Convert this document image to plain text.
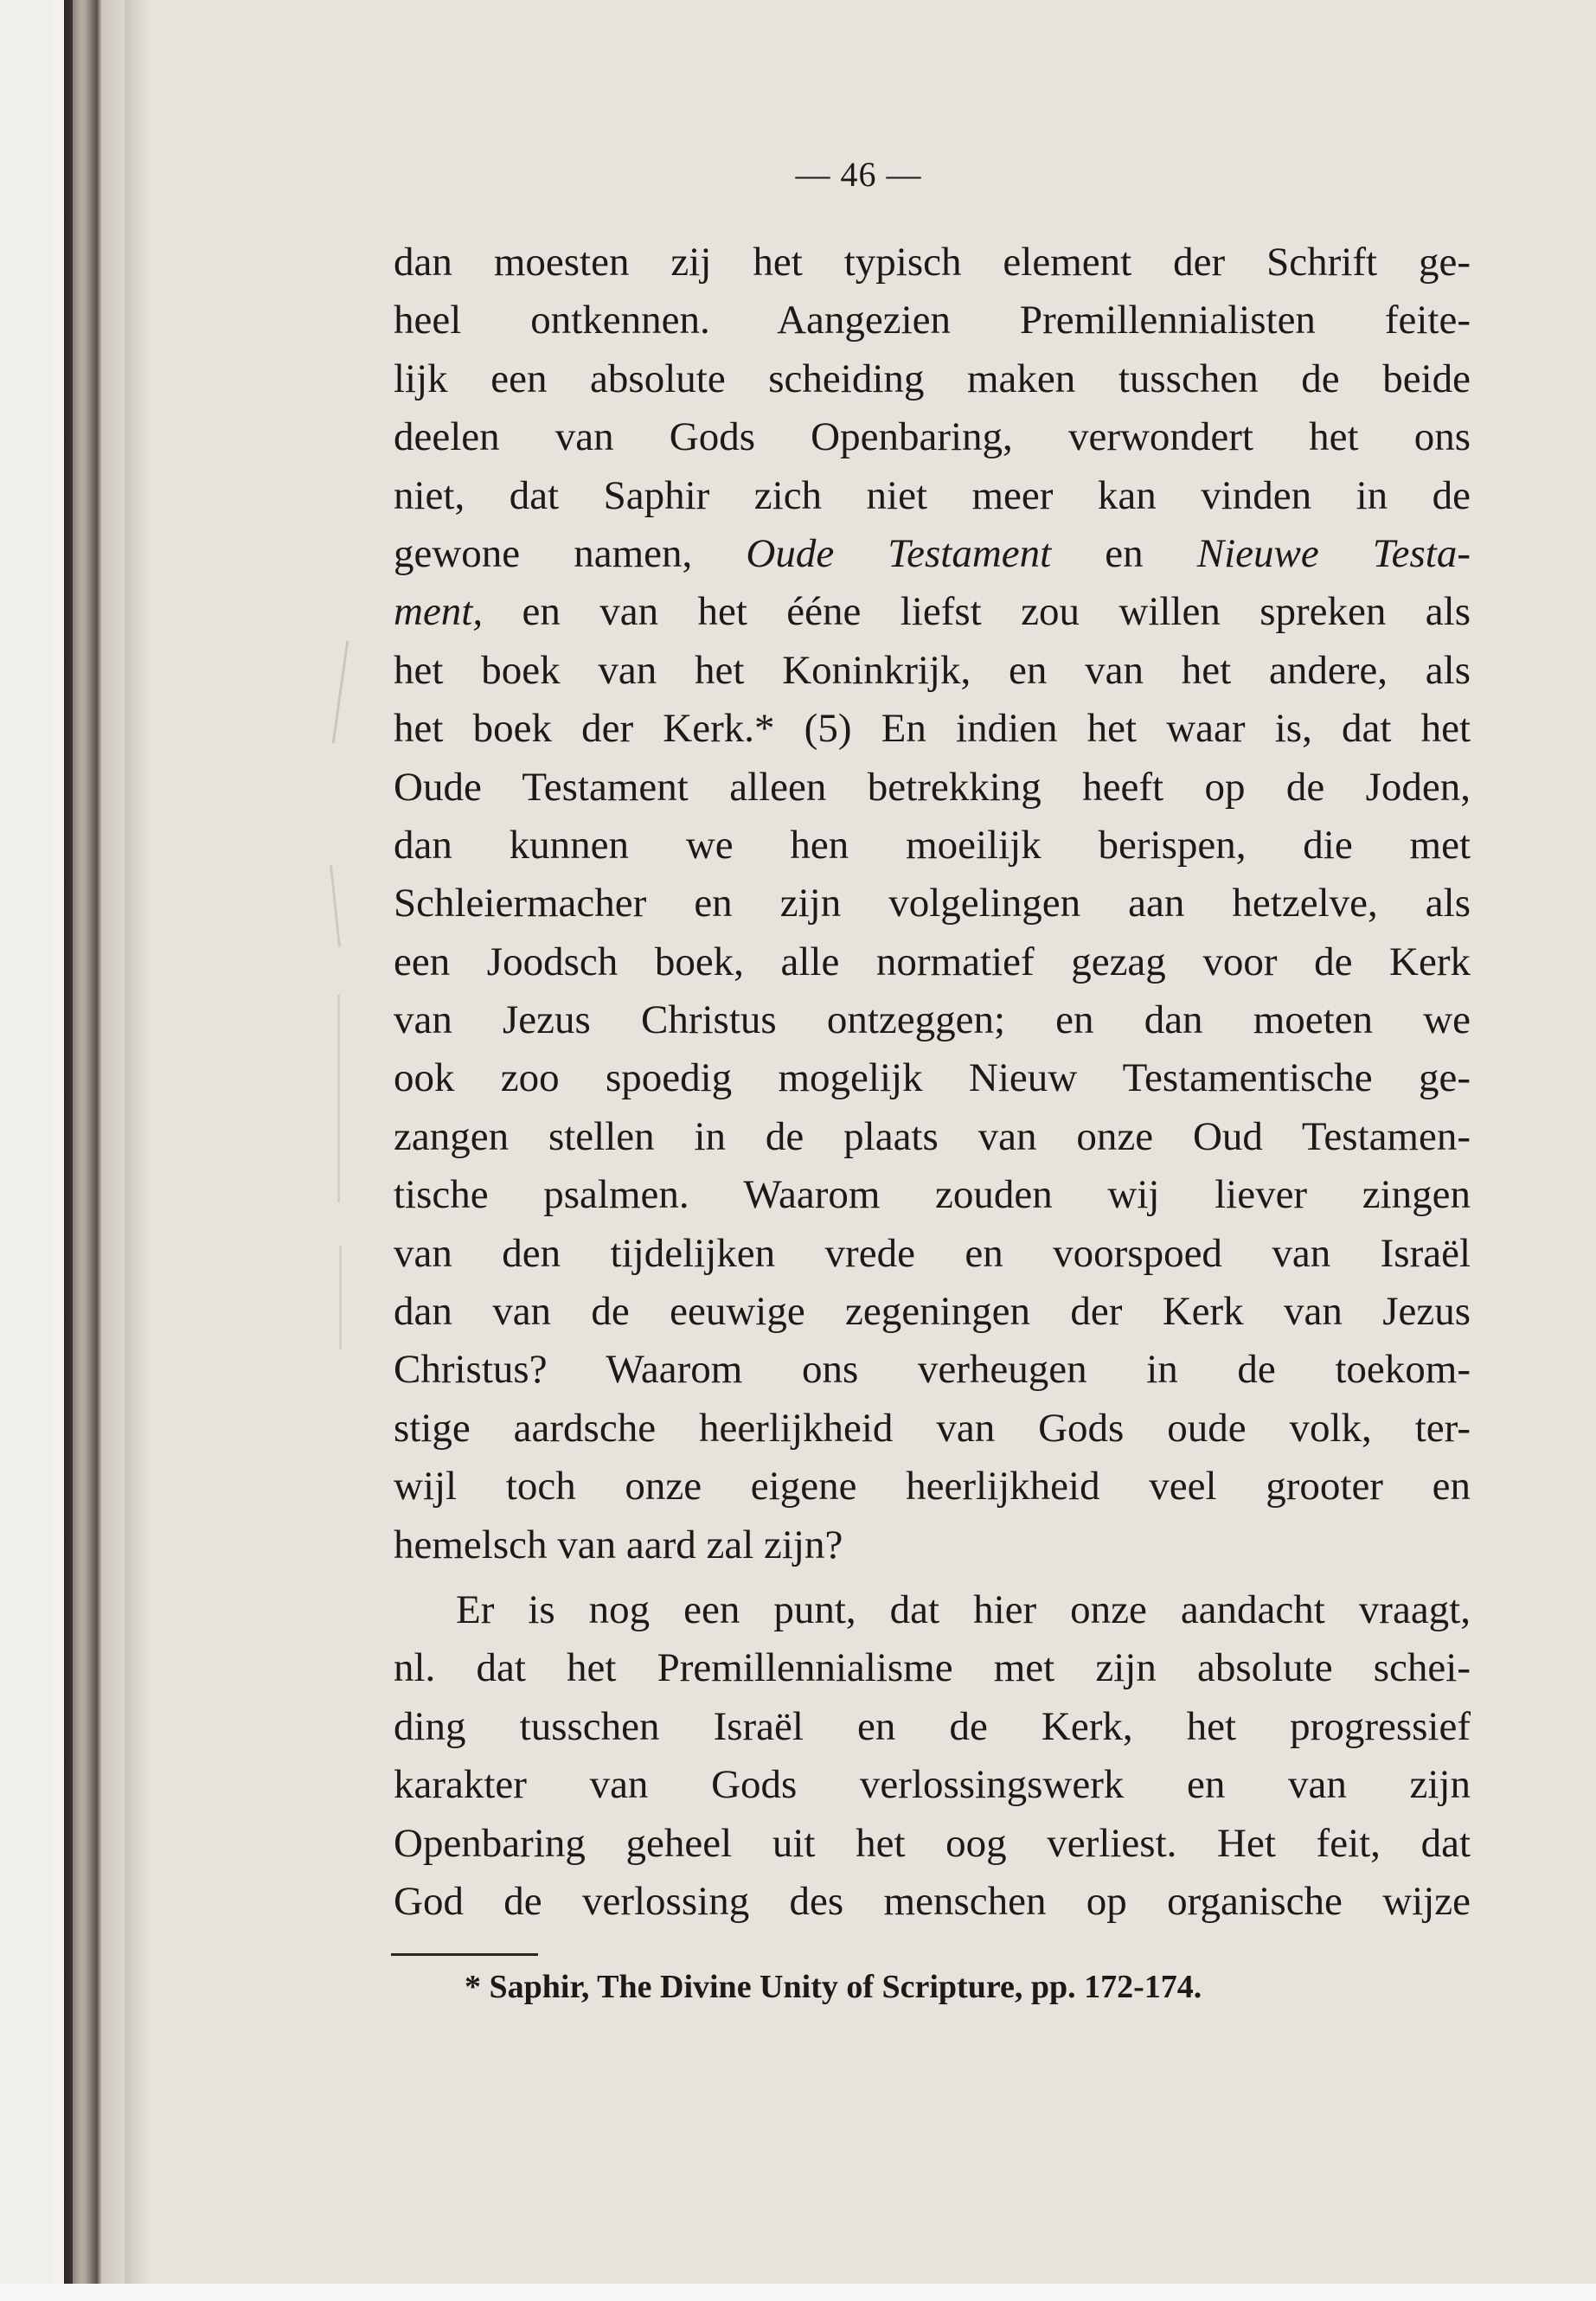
— 46 —
dan moesten zij het typisch element der Schrift ge-
heel ontkennen. Aangezien Premillennialisten feite-
lijk een absolute scheiding maken tusschen de beide
deelen van Gods Openbaring, verwondert het ons
niet, dat Saphir zich niet meer kan vinden in de
gewone namen, Oude Testament en Nieuwe Testa-
ment, en van het ééne liefst zou willen spreken als
het boek van het Koninkrijk, en van het andere, als
het boek der Kerk.* (5) En indien het waar is, dat het
Oude Testament alleen betrekking heeft op de Joden,
dan kunnen we hen moeilijk berispen, die met
Schleiermacher en zijn volgelingen aan hetzelve, als
een Joodsch boek, alle normatief gezag voor de Kerk
van Jezus Christus ontzeggen; en dan moeten we
ook zoo spoedig mogelijk Nieuw Testamentische ge-
zangen stellen in de plaats van onze Oud Testamen-
tische psalmen. Waarom zouden wij liever zingen
van den tijdelijken vrede en voorspoed van Israël
dan van de eeuwige zegeningen der Kerk van Jezus
Christus? Waarom ons verheugen in de toekom-
stige aardsche heerlijkheid van Gods oude volk, ter-
wijl toch onze eigene heerlijkheid veel grooter en
hemelsch van aard zal zijn?
Er is nog een punt, dat hier onze aandacht vraagt,
nl. dat het Premillennialisme met zijn absolute schei-
ding tusschen Israël en de Kerk, het progressief
karakter van Gods verlossingswerk en van zijn
Openbaring geheel uit het oog verliest. Het feit, dat
God de verlossing des menschen op organische wijze
* Saphir, The Divine Unity of Scripture, pp. 172-174.
